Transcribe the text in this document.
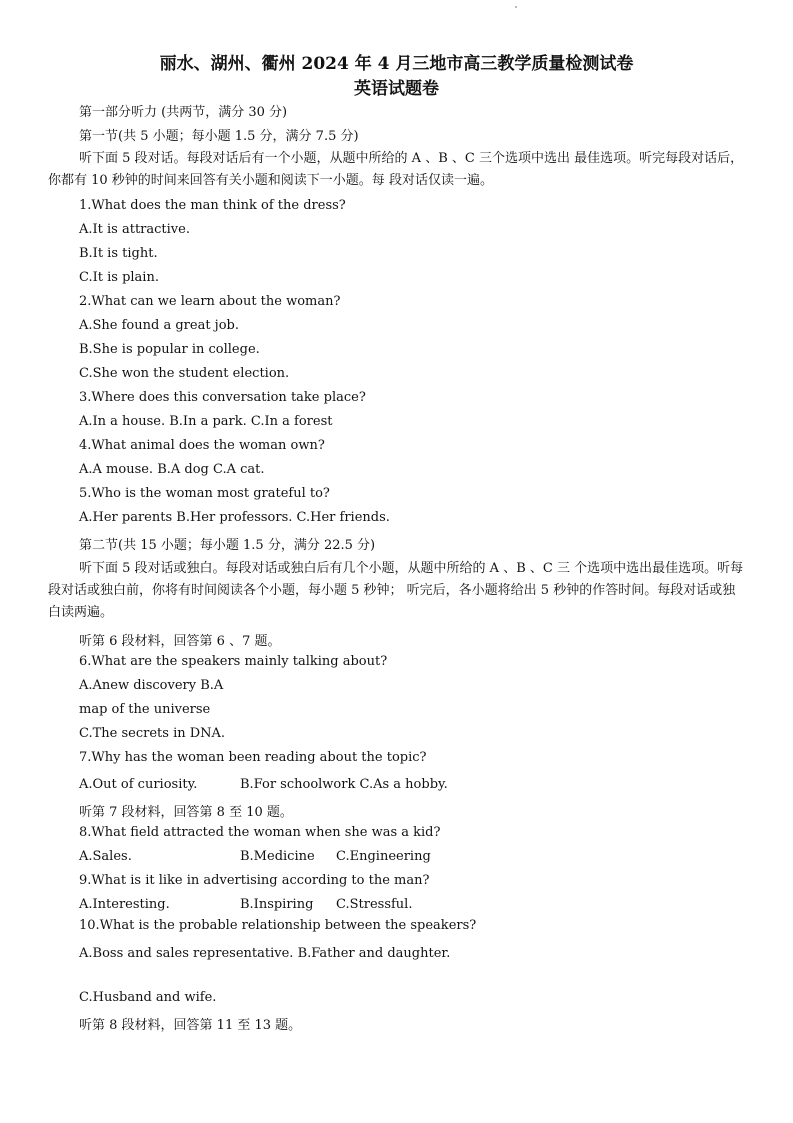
丽水、湖州、衢州 2024 年 4 月三地市高三教学质量检测试卷
英语试题卷
第一部分听力 (共两节，满分 30 分)
第一节(共 5 小题；每小题 1.5 分，满分 7.5 分)
听下面 5 段对话。每段对话后有一个小题，从题中所给的 A 、B 、C 三个选项中选出 最佳选项。听完每段对话后，你都有 10 秒钟的时间来回答有关小题和阅读下一小题。每 段对话仅读一遍。
1.What does the man think of the dress?
A.It is attractive.
B.It is tight.
C.It is plain.
2.What can we learn about the woman?
A.She found a great job.
B.She is popular in college.
C.She won the student election.
3.Where does this conversation take place?
A.In a house. B.In a park. C.In a forest
4.What animal does the woman own?
A.A mouse. B.A dog C.A cat.
5.Who is the woman most grateful to?
A.Her parents B.Her professors. C.Her friends.
第二节(共 15 小题；每小题 1.5 分，满分 22.5 分)
听下面 5 段对话或独白。每段对话或独白后有几个小题，从题中所给的 A 、B 、C 三 个选项中选出最佳选项。听每段对话或独白前，你将有时间阅读各个小题，每小题 5 秒钟； 听完后，各小题将给出 5 秒钟的作答时间。每段对话或独白读两遍。
听第 6 段材料，回答第 6 、7 题。
6.What are the speakers mainly talking about?
A.Anew discovery B.A
map of the universe
C.The secrets in DNA.
7.Why has the woman been reading about the topic?
A.Out of curiosity.	B.For schoolwork C.As a hobby.
听第 7 段材料，回答第 8 至 10 题。
8.What field attracted the woman when she was a kid?
A.Sales.	B.Medicine C.Engineering
9.What is it like in advertising according to the man?
A.Interesting.	B.Inspiring C.Stressful.
10.What is the probable relationship between the speakers?
A.Boss and sales representative. B.Father and daughter.
C.Husband and wife.
听第 8 段材料，回答第 11 至 13 题。
